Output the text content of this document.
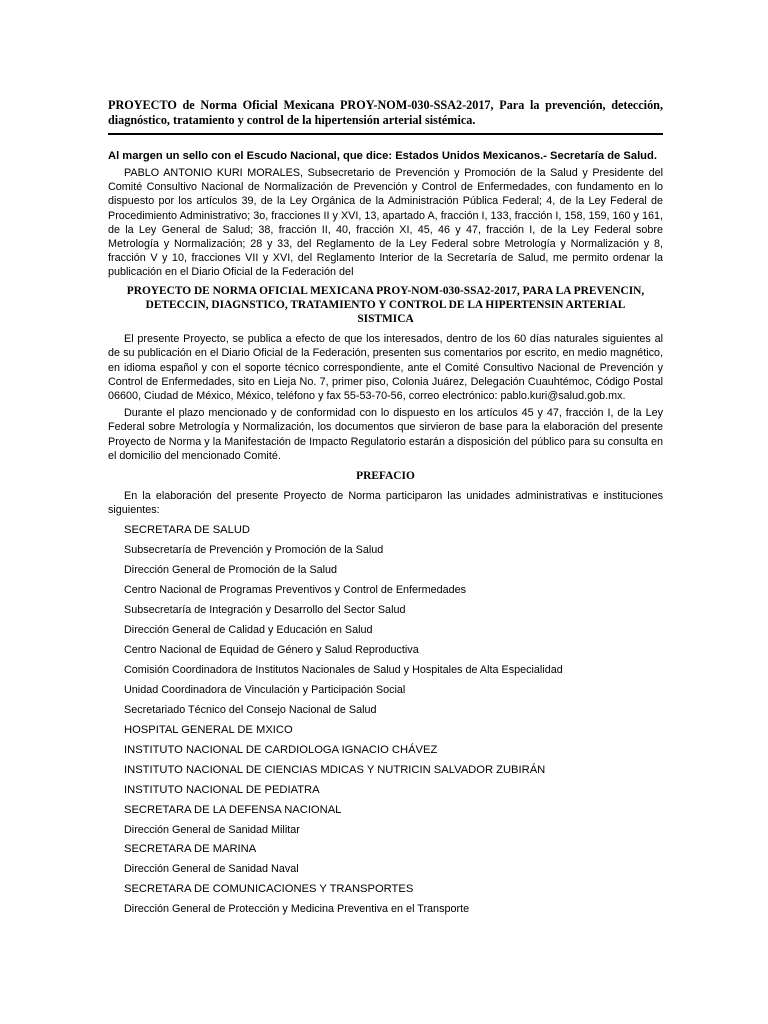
PROYECTO de Norma Oficial Mexicana PROY-NOM-030-SSA2-2017, Para la prevención, detección, diagnóstico, tratamiento y control de la hipertensión arterial sistémica.

Al margen un sello con el Escudo Nacional, que dice: Estados Unidos Mexicanos.- Secretaría de Salud.

PABLO ANTONIO KURI MORALES, Subsecretario de Prevención y Promoción de la Salud y Presidente del Comité Consultivo Nacional de Normalización de Prevención y Control de Enfermedades, con fundamento en lo dispuesto por los artículos 39, de la Ley Orgánica de la Administración Pública Federal; 4, de la Ley Federal de Procedimiento Administrativo; 3o, fracciones II y XVI, 13, apartado A, fracción I, 133, fracción I, 158, 159, 160 y 161, de la Ley General de Salud; 38, fracción II, 40, fracción XI, 45, 46 y 47, fracción I, de la Ley Federal sobre Metrología y Normalización; 28 y 33, del Reglamento de la Ley Federal sobre Metrología y Normalización y 8, fracción V y 10, fracciones VII y XVI, del Reglamento Interior de la Secretaría de Salud, me permito ordenar la publicación en el Diario Oficial de la Federación del

PROYECTO DE NORMA OFICIAL MEXICANA PROY-NOM-030-SSA2-2017, PARA LA PREVENCIN, DETECCIN, DIAGNSTICO, TRATAMIENTO Y CONTROL DE LA HIPERTENSIN ARTERIAL SISTMICA

El presente Proyecto, se publica a efecto de que los interesados, dentro de los 60 días naturales siguientes al de su publicación en el Diario Oficial de la Federación, presenten sus comentarios por escrito, en medio magnético, en idioma español y con el soporte técnico correspondiente, ante el Comité Consultivo Nacional de Prevención y Control de Enfermedades, sito en Lieja No. 7, primer piso, Colonia Juárez, Delegación Cuauhtémoc, Código Postal 06600, Ciudad de México, México, teléfono y fax 55-53-70-56, correo electrónico: pablo.kuri@salud.gob.mx.

Durante el plazo mencionado y de conformidad con lo dispuesto en los artículos 45 y 47, fracción I, de la Ley Federal sobre Metrología y Normalización, los documentos que sirvieron de base para la elaboración del presente Proyecto de Norma y la Manifestación de Impacto Regulatorio estarán a disposición del público para su consulta en el domicilio del mencionado Comité.

PREFACIO

En la elaboración del presente Proyecto de Norma participaron las unidades administrativas e instituciones siguientes:

SECRETARA DE SALUD
Subsecretaría de Prevención y Promoción de la Salud
Dirección General de Promoción de la Salud
Centro Nacional de Programas Preventivos y Control de Enfermedades
Subsecretaría de Integración y Desarrollo del Sector Salud
Dirección General de Calidad y Educación en Salud
Centro Nacional de Equidad de Género y Salud Reproductiva
Comisión Coordinadora de Institutos Nacionales de Salud y Hospitales de Alta Especialidad
Unidad Coordinadora de Vinculación y Participación Social
Secretariado Técnico del Consejo Nacional de Salud
HOSPITAL GENERAL DE MXICO
INSTITUTO NACIONAL DE CARDIOLOGA IGNACIO CHÁVEZ
INSTITUTO NACIONAL DE CIENCIAS MDICAS Y NUTRICIN SALVADOR ZUBIRÁN
INSTITUTO NACIONAL DE PEDIATRA
SECRETARA DE LA DEFENSA NACIONAL
Dirección General de Sanidad Militar
SECRETARA DE MARINA
Dirección General de Sanidad Naval
SECRETARA DE COMUNICACIONES Y TRANSPORTES
Dirección General de Protección y Medicina Preventiva en el Transporte
